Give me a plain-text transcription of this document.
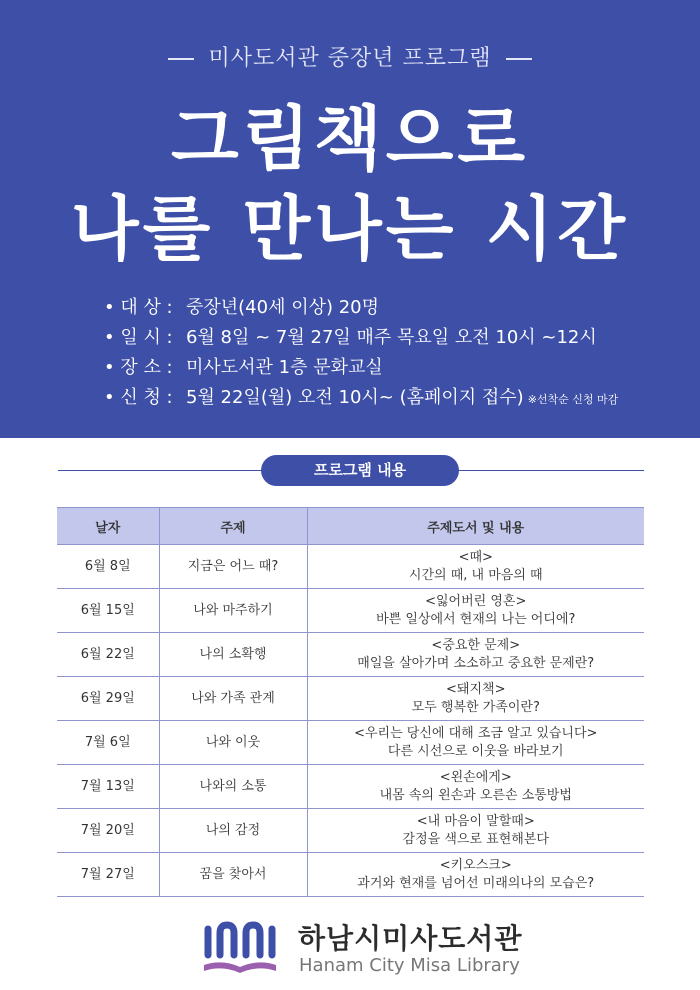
미사도서관 중장년 프로그램
그림책으로
나를 만나는 시간
• 대 상 : 중장년(40세 이상) 20명
• 일 시 : 6월 8일 ~ 7월 27일 매주 목요일 오전 10시 ~12시
• 장 소 : 미사도서관 1층 문화교실
• 신 청 : 5월 22일(월) 오전 10시~ (홈페이지 접수) ※선착순 신청 마감
프로그램 내용
날자	주제	주제도서 및 내용
6월 8일	지금은 어느 때?	<때>
시간의 때, 내 마음의 때

6월 15일	나와 마주하기	<잃어버린 영혼>
바쁜 일상에서 현재의 나는 어디에?

6월 22일	나의 소확행	<중요한 문제>
매일을 살아가며 소소하고 중요한 문제란?

6월 29일	나와 가족 관계	<돼지책>
모두 행복한 가족이란?

7월 6일	나와 이웃	<우리는 당신에 대해 조금 알고 있습니다>
다른 시선으로 이웃을 바라보기

7월 13일	나와의 소통	<왼손에게>
내몸 속의 왼손과 오른손 소통방법

7월 20일	나의 감정	<내 마음이 말할때>
감정을 색으로 표현해본다

7월 27일	꿈을 찾아서	<키오스크>
과거와 현재를 넘어선 미래의나의 모습은?
하남시미사도서관
Hanam City Misa Library
